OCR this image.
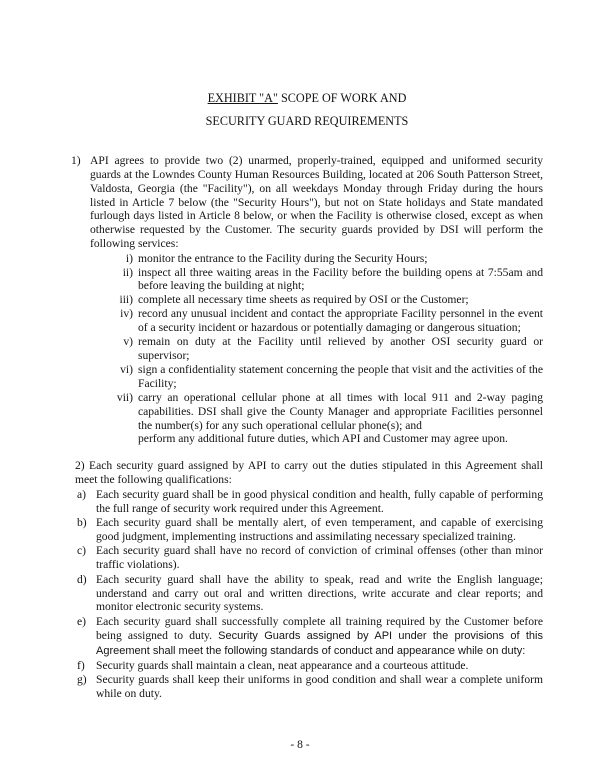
EXHIBIT "A" SCOPE OF WORK AND
SECURITY GUARD REQUIREMENTS
1) API agrees to provide two (2) unarmed, properly-trained, equipped and uniformed security guards at the Lowndes County Human Resources Building, located at 206 South Patterson Street, Valdosta, Georgia (the "Facility"), on all weekdays Monday through Friday during the hours listed in Article 7 below (the "Security Hours"), but not on State holidays and State mandated furlough days listed in Article 8 below, or when the Facility is otherwise closed, except as when otherwise requested by the Customer. The security guards provided by DSI will perform the following services:

i) monitor the entrance to the Facility during the Security Hours;
ii) inspect all three waiting areas in the Facility before the building opens at 7:55am and before leaving the building at night;
iii) complete all necessary time sheets as required by OSI or the Customer;
iv) record any unusual incident and contact the appropriate Facility personnel in the event of a security incident or hazardous or potentially damaging or dangerous situation;
v) remain on duty at the Facility until relieved by another OSI security guard or supervisor;
vi) sign a confidentiality statement concerning the people that visit and the activities of the Facility;
vii) carry an operational cellular phone at all times with local 911 and 2-way paging capabilities. DSI shall give the County Manager and appropriate Facilities personnel the number(s) for any such operational cellular phone(s); and
perform any additional future duties, which API and Customer may agree upon.

2) Each security guard assigned by API to carry out the duties stipulated in this Agreement shall meet the following qualifications:

a) Each security guard shall be in good physical condition and health, fully capable of performing the full range of security work required under this Agreement.
b) Each security guard shall be mentally alert, of even temperament, and capable of exercising good judgment, implementing instructions and assimilating necessary specialized training.
c) Each security guard shall have no record of conviction of criminal offenses (other than minor traffic violations).
d) Each security guard shall have the ability to speak, read and write the English language; understand and carry out oral and written directions, write accurate and clear reports; and monitor electronic security systems.
e) Each security guard shall successfully complete all training required by the Customer before being assigned to duty. Security Guards assigned by API under the provisions of this Agreement shall meet the following standards of conduct and appearance while on duty:
f) Security guards shall maintain a clean, neat appearance and a courteous attitude.
g) Security guards shall keep their uniforms in good condition and shall wear a complete uniform while on duty.
- 8 -
